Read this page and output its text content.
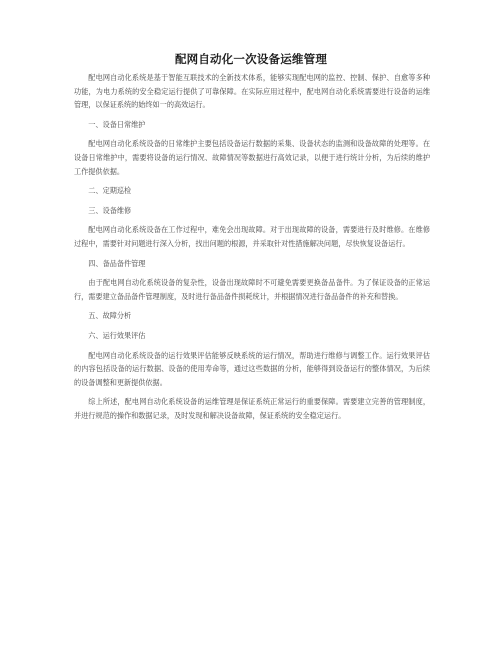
配网自动化一次设备运维管理

配电网自动化系统是基于智能互联技术的全新技术体系，能够实现配电网的监控、控制、保护、自愈等多种功能，为电力系统的安全稳定运行提供了可靠保障。在实际应用过程中，配电网自动化系统需要进行设备的运维管理，以保证系统的始终如一的高效运行。

一、设备日常维护

配电网自动化系统设备的日常维护主要包括设备运行数据的采集、设备状态的监测和设备故障的处理等。在设备日常维护中，需要将设备的运行情况、故障情况等数据进行高效记录，以便于进行统计分析，为后续的维护工作提供依据。

二、定期巡检

三、设备维修

配电网自动化系统设备在工作过程中，难免会出现故障。对于出现故障的设备，需要进行及时维修。在维修过程中，需要针对问题进行深入分析，找出问题的根源，并采取针对性措施解决问题，尽快恢复设备运行。

四、备品备件管理

由于配电网自动化系统设备的复杂性，设备出现故障时不可避免需要更换备品备件。为了保证设备的正常运行，需要建立备品备件管理制度，及时进行备品备件损耗统计，并根据情况进行备品备件的补充和替换。

五、故障分析

六、运行效果评估

配电网自动化系统设备的运行效果评估能够反映系统的运行情况，帮助进行维修与调整工作。运行效果评估的内容包括设备的运行数据、设备的使用寿命等，通过这些数据的分析，能够得到设备运行的整体情况，为后续的设备调整和更新提供依据。

综上所述，配电网自动化系统设备的运维管理是保证系统正常运行的重要保障。需要建立完善的管理制度，并进行规范的操作和数据记录，及时发现和解决设备故障，保证系统的安全稳定运行。
